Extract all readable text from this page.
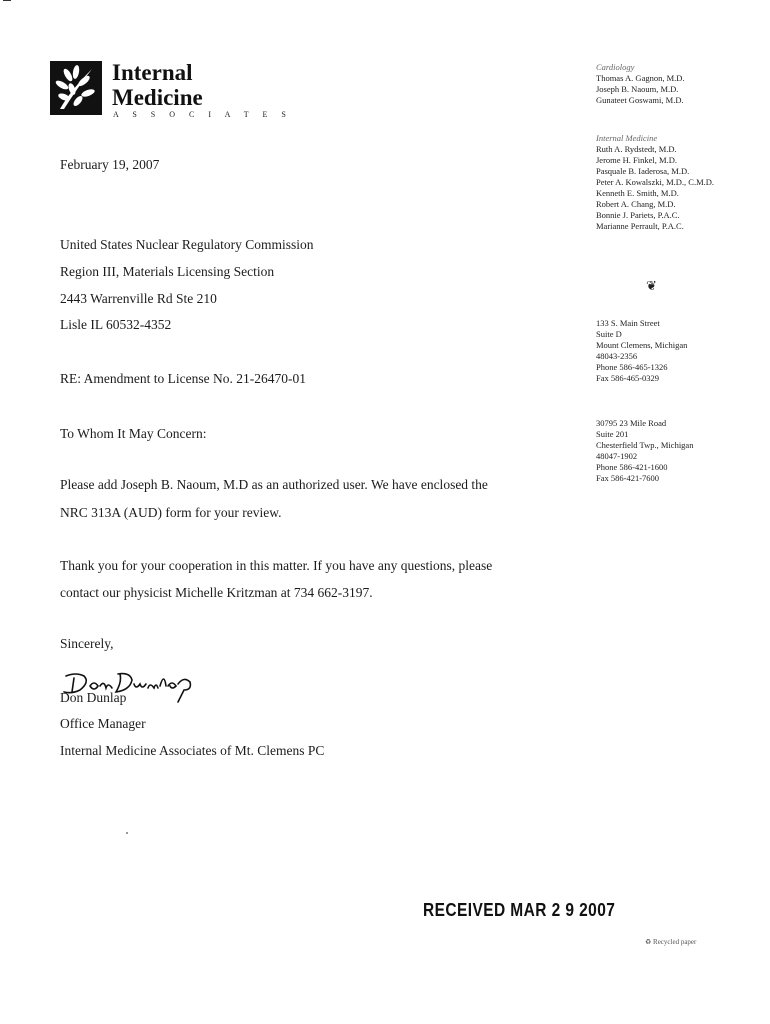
Internal
Medicine
A S S O C I A T E S
Cardiology
Thomas A. Gagnon, M.D.
Joseph B. Naoum, M.D.
Gunateet Goswami, M.D.
Internal Medicine
Ruth A. Rydstedt, M.D.
Jerome H. Finkel, M.D.
Pasquale B. Iaderosa, M.D.
Peter A. Kowalszki, M.D., C.M.D.
Kenneth E. Smith, M.D.
Robert A. Chang, M.D.
Bonnie J. Pariets, P.A.C.
Marianne Perrault, P.A.C.
❦
133 S. Main Street
Suite D
Mount Clemens, Michigan
48043-2356
Phone 586-465-1326
Fax 586-465-0329
30795 23 Mile Road
Suite 201
Chesterfield Twp., Michigan
48047-1902
Phone 586-421-1600
Fax 586-421-7600
February 19, 2007
United States Nuclear Regulatory Commission
Region III, Materials Licensing Section
2443 Warrenville Rd Ste 210
Lisle IL 60532-4352
RE: Amendment to License No. 21-26470-01
To Whom It May Concern:
Please add Joseph B. Naoum, M.D as an authorized user. We have enclosed the
NRC 313A (AUD) form for your review.
Thank you for your cooperation in this matter. If you have any questions, please
contact our physicist Michelle Kritzman at 734 662-3197.
Sincerely,
Don Dunlap
Office Manager
Internal Medicine Associates of Mt. Clemens PC
RECEIVED MAR 2 9 2007
♻ Recycled paper
